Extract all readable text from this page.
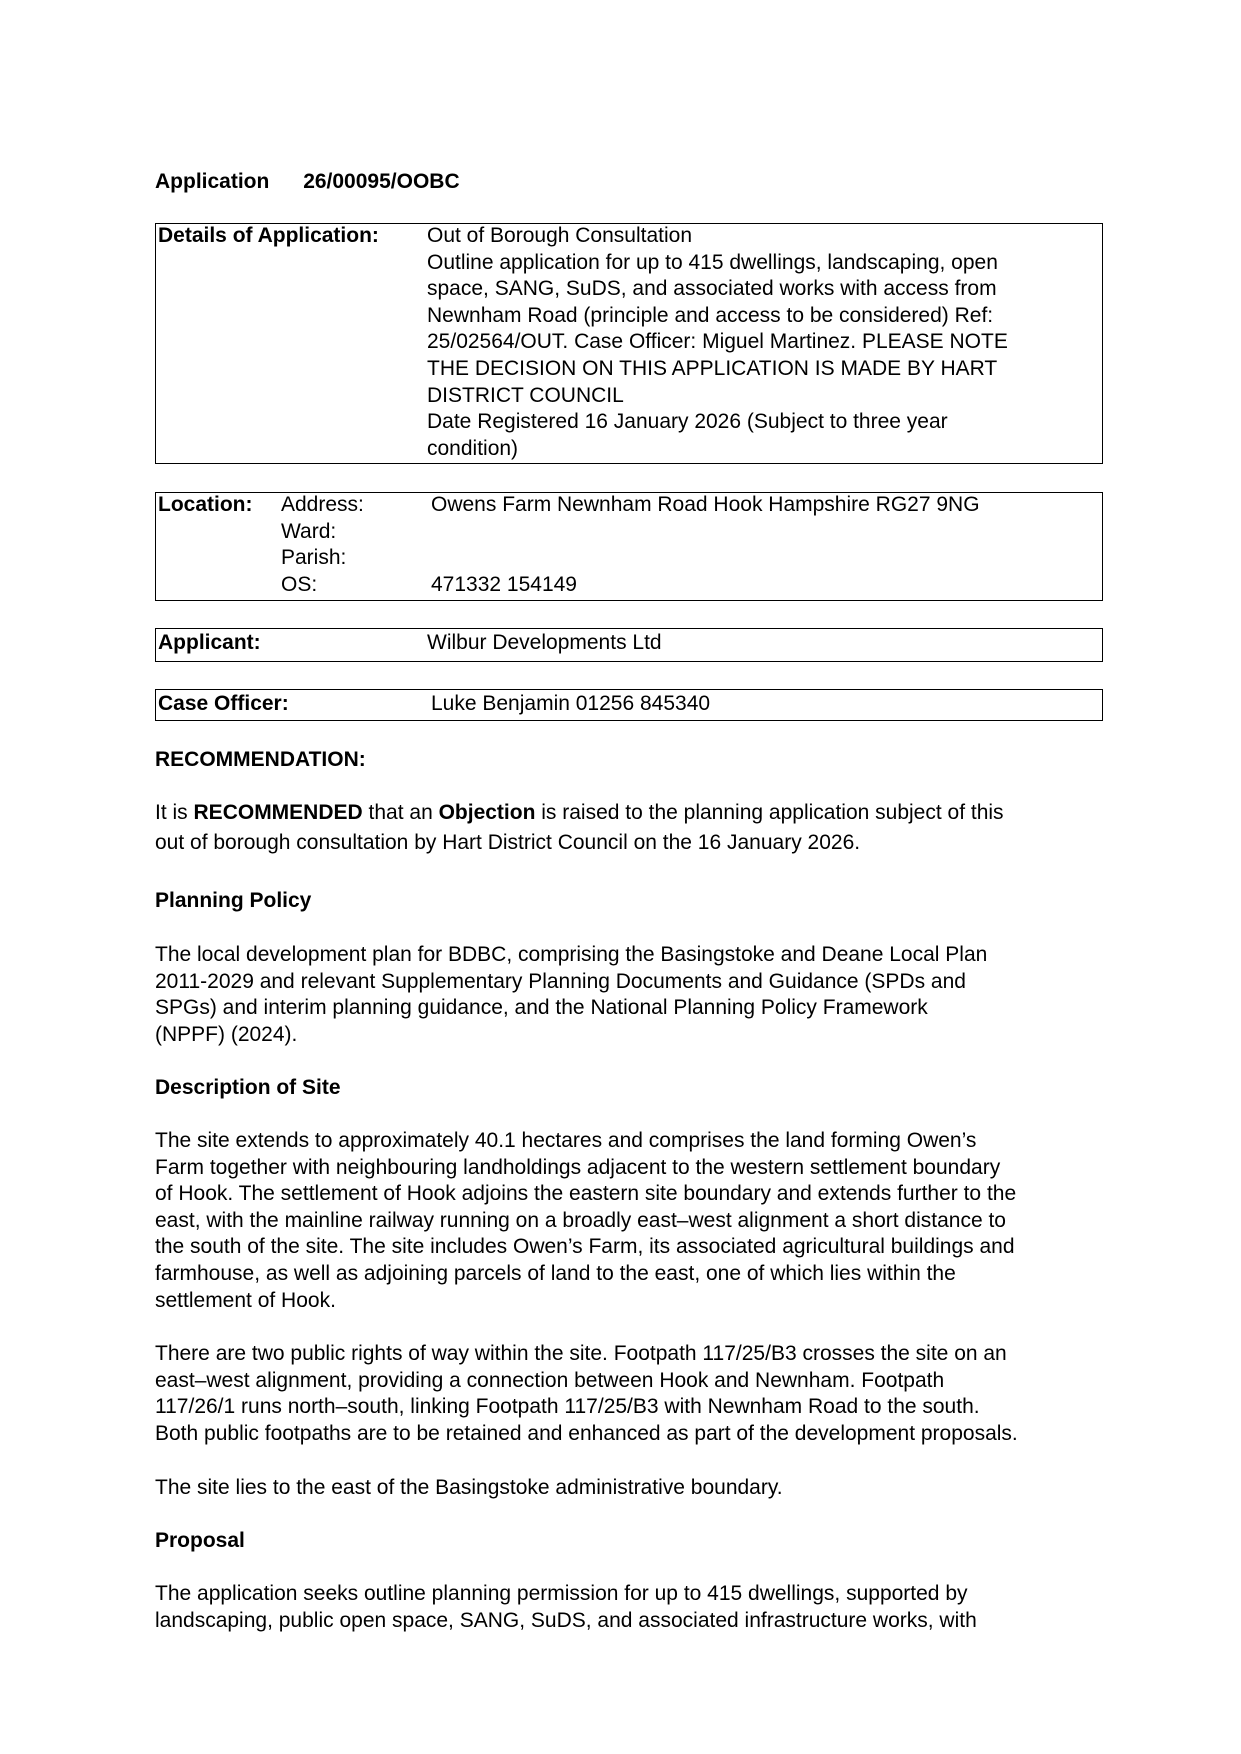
Application 26/00095/OOBC
Details of Application: Out of Borough Consultation
Outline application for up to 415 dwellings, landscaping, open
space, SANG, SuDS, and associated works with access from
Newnham Road (principle and access to be considered) Ref:
25/02564/OUT. Case Officer: Miguel Martinez. PLEASE NOTE
THE DECISION ON THIS APPLICATION IS MADE BY HART
DISTRICT COUNCIL
Date Registered 16 January 2026 (Subject to three year
condition)
Location: Address:
Ward:
Parish:
OS:
Owens Farm Newnham Road Hook Hampshire RG27 9NG
471332 154149
Applicant:	Wilbur Developments Ltd
Case Officer:	Luke Benjamin 01256 845340
RECOMMENDATION:
It is RECOMMENDED that an Objection is raised to the planning application subject of this
out of borough consultation by Hart District Council on the 16 January 2026.
Planning Policy
The local development plan for BDBC, comprising the Basingstoke and Deane Local Plan
2011-2029 and relevant Supplementary Planning Documents and Guidance (SPDs and
SPGs) and interim planning guidance, and the National Planning Policy Framework
(NPPF) (2024).
Description of Site
The site extends to approximately 40.1 hectares and comprises the land forming Owen’s
Farm together with neighbouring landholdings adjacent to the western settlement boundary
of Hook. The settlement of Hook adjoins the eastern site boundary and extends further to the
east, with the mainline railway running on a broadly east–west alignment a short distance to
the south of the site. The site includes Owen’s Farm, its associated agricultural buildings and
farmhouse, as well as adjoining parcels of land to the east, one of which lies within the
settlement of Hook.
There are two public rights of way within the site. Footpath 117/25/B3 crosses the site on an
east–west alignment, providing a connection between Hook and Newnham. Footpath
117/26/1 runs north–south, linking Footpath 117/25/B3 with Newnham Road to the south.
Both public footpaths are to be retained and enhanced as part of the development proposals.
The site lies to the east of the Basingstoke administrative boundary.
Proposal
The application seeks outline planning permission for up to 415 dwellings, supported by
landscaping, public open space, SANG, SuDS, and associated infrastructure works, with
